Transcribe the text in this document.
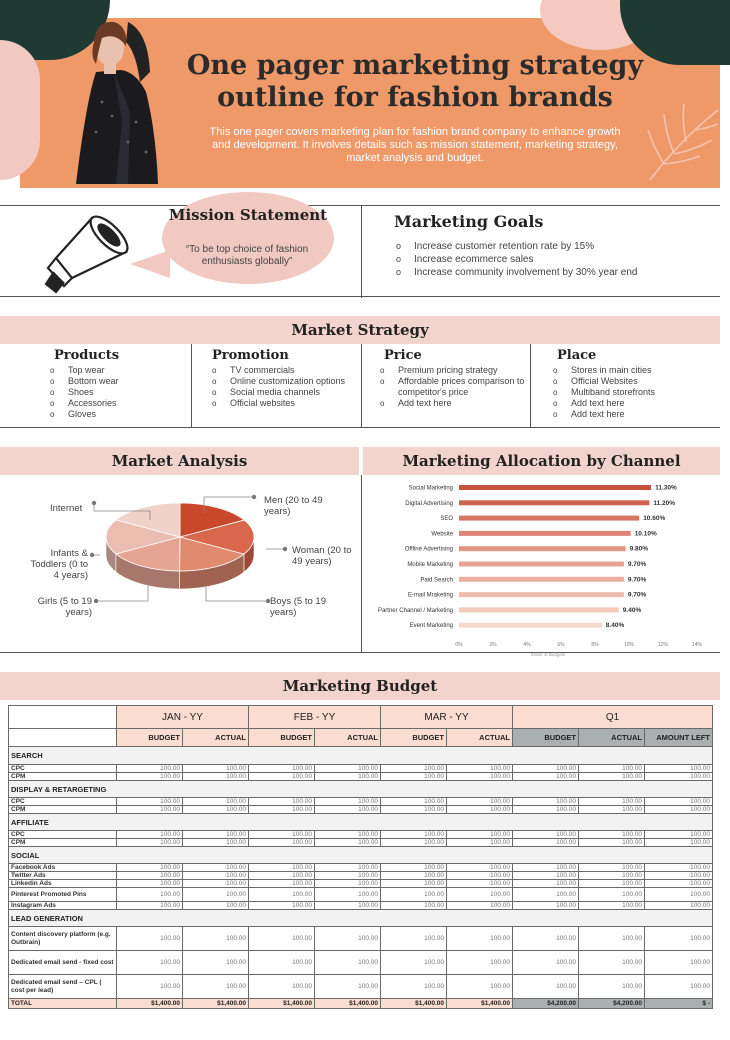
One pager marketing strategy outline for fashion brands
This one pager covers marketing plan for fashion brand company to enhance growth and development. It involves details such as mission statement, marketing strategy, market analysis and budget.
Mission Statement
“To be top choice of fashion enthusiasts globally”
Marketing Goals
o Increase customer retention rate by 15%
o Increase ecommerce sales
o Increase community involvement by 30% year end
Market Strategy
Products
o Top wear
o Bottom wear
o Shoes
o Accessories
o Gloves
Promotion
o TV commercials
o Online customization options
o Social media channels
o Official websites
Price
o Premium pricing strategy
o Affordable prices comparison to competitor's price
o Add text here
Place
o Stores in main cities
o Official Websites
o Multiband storefronts
o Add text here
o Add text here
Market Analysis	Marketing Allocation by Channel
Internet
Men (20 to 49 years)
Woman (20 to 49 years)
Boys (5 to 19 years)
Girls (5 to 19 years)
Infants & Toddlers (0 to 4 years)
Social Marketing	11.30%
Digital Advertising	11.20%
SEO	10.60%
Website	10.10%
Offline Advertising	9.80%
Mobile Marketing	9.70%
Paid Search	9.70%
E-mail Mraketing	9.70%
Partner Channel / Marketing	9.40%
Event Marketing	8.40%
0%	2%	4%	6%	8%	10%	12%	14%
Share of Budgets
Marketing Budget
	JAN - YY		FEB - YY		MAR - YY		Q1		
	BUDGET	ACTUAL	BUDGET	ACTUAL	BUDGET	ACTUAL	BUDGET	ACTUAL	AMOUNT LEFT
SEARCH									
CPC	100.00	100.00	100.00	100.00	100.00	100.00	100.00	100.00	100.00
CPM	100.00	100.00	100.00	100.00	100.00	100.00	100.00	100.00	100.00
DISPLAY & RETARGETING									
CPC	100.00	100.00	100.00	100.00	100.00	100.00	100.00	100.00	100.00
CPM	100.00	100.00	100.00	100.00	100.00	100.00	100.00	100.00	100.00
AFFILIATE									
CPC	100.00	100.00	100.00	100.00	100.00	100.00	100.00	100.00	100.00
CPM	100.00	100.00	100.00	100.00	100.00	100.00	100.00	100.00	100.00
SOCIAL									
Facebook Ads	100.00	100.00	100.00	100.00	100.00	100.00	100.00	100.00	100.00
Twitter Ads	100.00	100.00	100.00	100.00	100.00	100.00	100.00	100.00	100.00
Linkedin Ads	100.00	100.00	100.00	100.00	100.00	100.00	100.00	100.00	100.00
Pinterest Promoted Pins	100.00	100.00	100.00	100.00	100.00	100.00	100.00	100.00	100.00
Instagram Ads	100.00	100.00	100.00	100.00	100.00	100.00	100.00	100.00	100.00
LEAD GENERATION									
Content discovery platform (e.g. Outbrain)	100.00	100.00	100.00	100.00	100.00	100.00	100.00	100.00	100.00
Dedicated email send - fixed cost	100.00	100.00	100.00	100.00	100.00	100.00	100.00	100.00	100.00
Dedicated email send – CPL ( cost per lead)	100.00	100.00	100.00	100.00	100.00	100.00	100.00	100.00	100.00
TOTAL	$1,400.00	$1,400.00	$1,400.00	$1,400.00	$1,400.00	$1,400.00	$4,200.00	$4,200.00	$ -
